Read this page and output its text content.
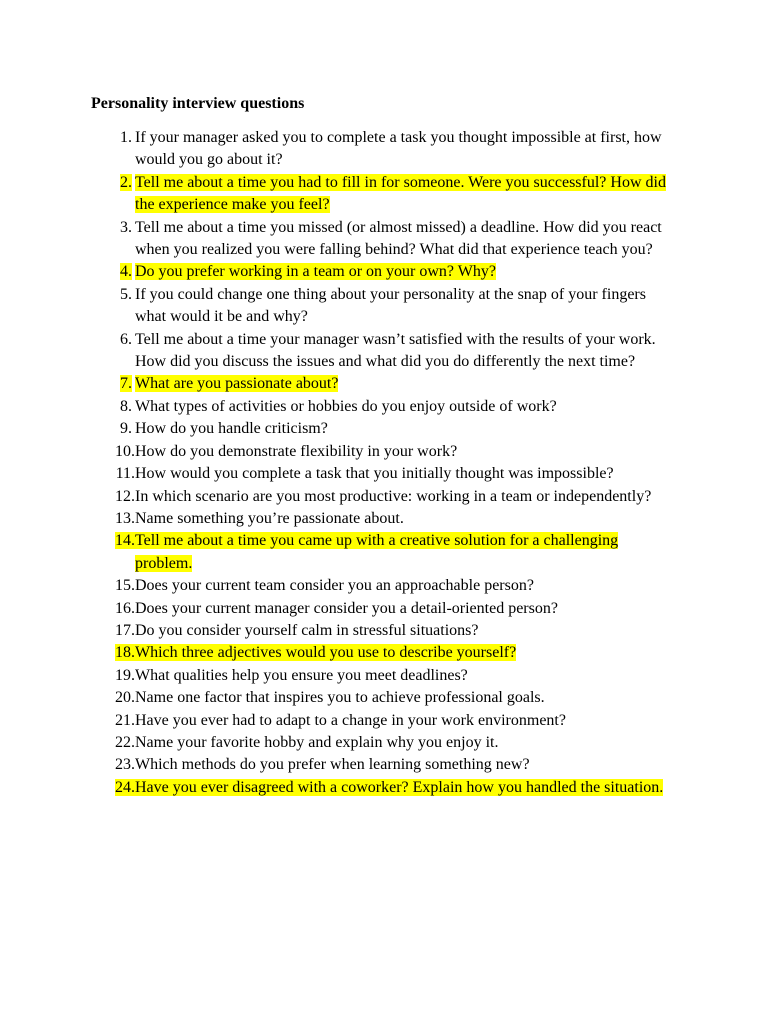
Personality interview questions
1. If your manager asked you to complete a task you thought impossible at first, how would you go about it?
2. Tell me about a time you had to fill in for someone. Were you successful? How did the experience make you feel?
3. Tell me about a time you missed (or almost missed) a deadline. How did you react when you realized you were falling behind? What did that experience teach you?
4. Do you prefer working in a team or on your own? Why?
5. If you could change one thing about your personality at the snap of your fingers what would it be and why?
6. Tell me about a time your manager wasn’t satisfied with the results of your work. How did you discuss the issues and what did you do differently the next time?
7. What are you passionate about?
8. What types of activities or hobbies do you enjoy outside of work?
9. How do you handle criticism?
10. How do you demonstrate flexibility in your work?
11. How would you complete a task that you initially thought was impossible?
12. In which scenario are you most productive: working in a team or independently?
13. Name something you’re passionate about.
14. Tell me about a time you came up with a creative solution for a challenging problem.
15. Does your current team consider you an approachable person?
16. Does your current manager consider you a detail-oriented person?
17. Do you consider yourself calm in stressful situations?
18. Which three adjectives would you use to describe yourself?
19. What qualities help you ensure you meet deadlines?
20. Name one factor that inspires you to achieve professional goals.
21. Have you ever had to adapt to a change in your work environment?
22. Name your favorite hobby and explain why you enjoy it.
23. Which methods do you prefer when learning something new?
24. Have you ever disagreed with a coworker? Explain how you handled the situation.
